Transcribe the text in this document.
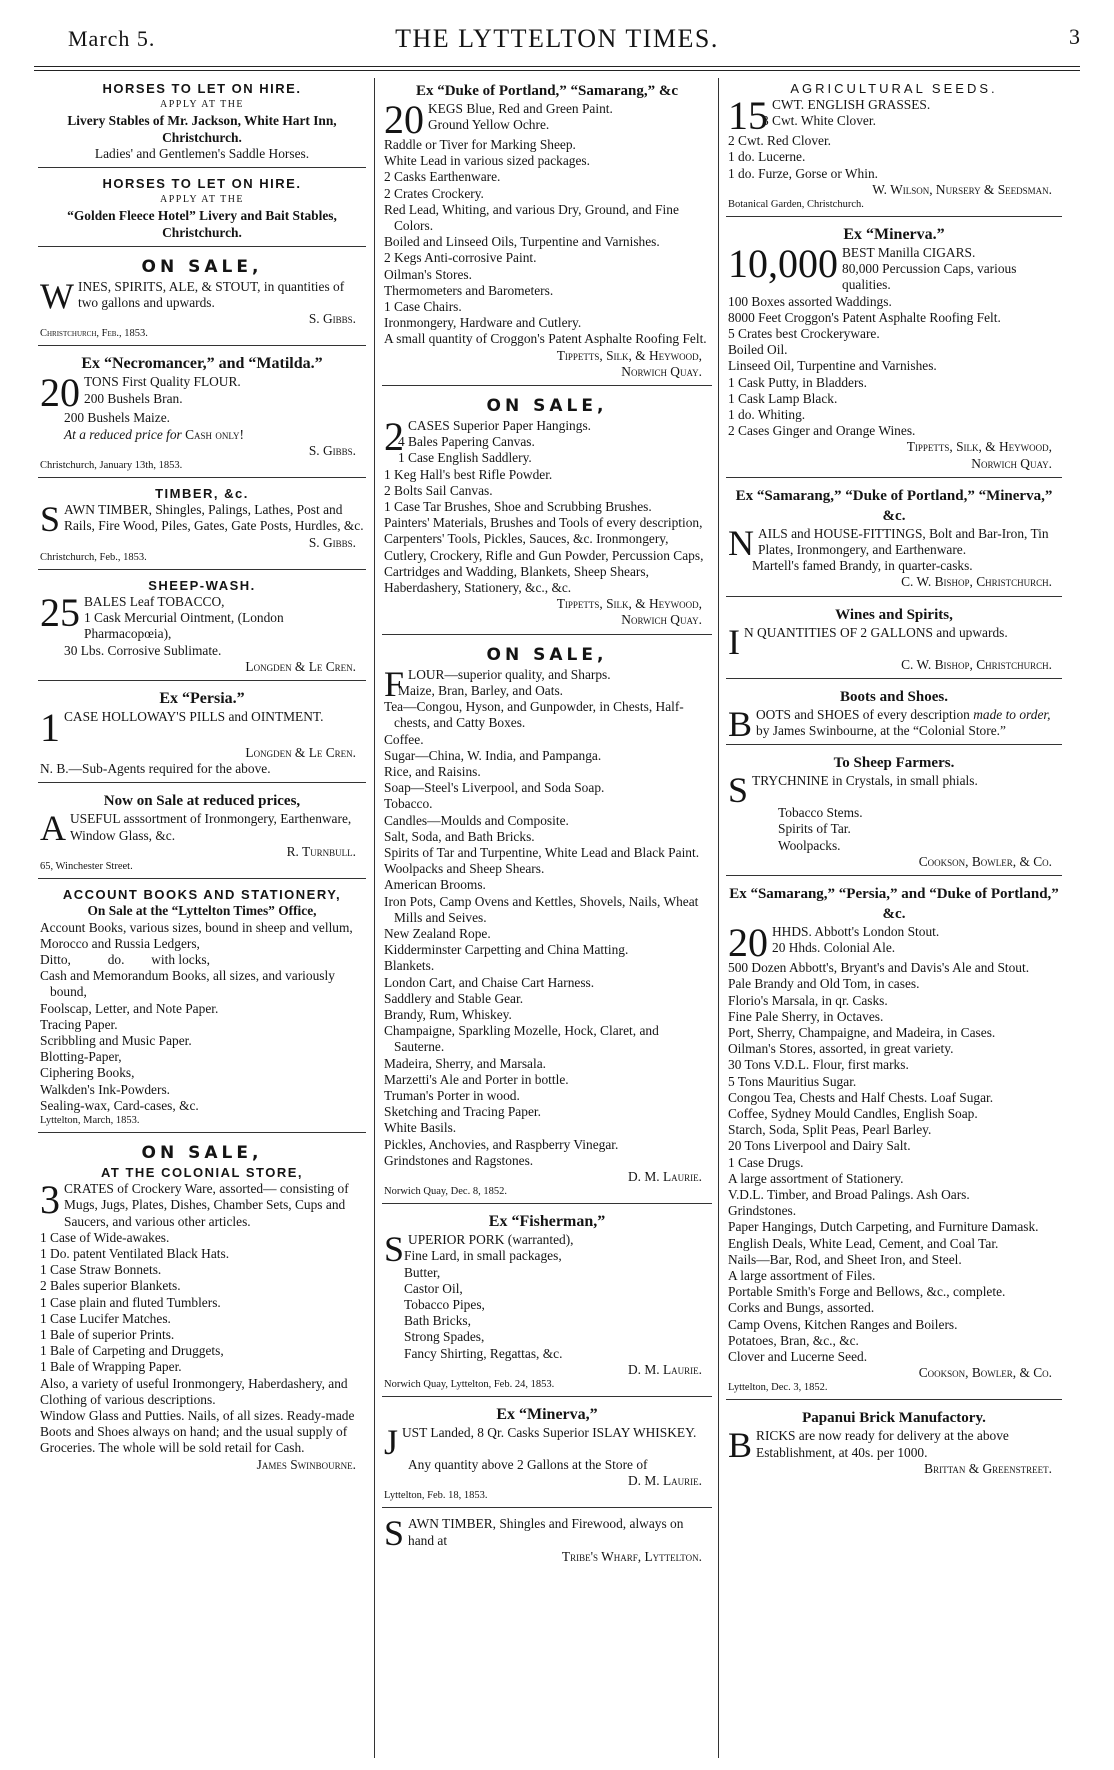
March 5.	THE LYTTELTON TIMES.	3
HORSES TO LET ON HIRE.
APPLY AT THE
Livery Stables of Mr. Jackson, White Hart Inn,
Christchurch.
Ladies' and Gentlemen's Saddle Horses.
HORSES TO LET ON HIRE.
APPLY AT THE
“Golden Fleece Hotel” Livery and Bait Stables,
Christchurch.
ON SALE,
W INES, SPIRITS, ALE, & STOUT, in quantities of two gallons and upwards.
S. Gibbs.
Christchurch, Feb., 1853.
Ex “Necromancer,” and “Matilda.”
20 TONS First Quality FLOUR.
200 Bushels Bran.
200 Bushels Maize.
At a reduced price for Cash only!
S. Gibbs.
Christchurch, January 13th, 1853.
TIMBER, &c.
S AWN TIMBER, Shingles, Palings, Lathes, Post and Rails, Fire Wood, Piles, Gates, Gate Posts, Hurdles, &c.
S. Gibbs.
Christchurch, Feb., 1853.
SHEEP-WASH.
25 BALES Leaf TOBACCO,
1 Cask Mercurial Ointment, (London Pharmacopœia),
30 Lbs. Corrosive Sublimate.
Longden & Le Cren.
Ex “Persia.”
1 CASE HOLLOWAY'S PILLS and OINTMENT.
Longden & Le Cren.
N. B.—Sub-Agents required for the above.
Now on Sale at reduced prices,
A USEFUL asssortment of Ironmongery, Earthenware, Window Glass, &c.
R. Turnbull.
65, Winchester Street.
ACCOUNT BOOKS AND STATIONERY,
On Sale at the “Lyttelton Times” Office,
Account Books, various sizes, bound in sheep and vellum,
Morocco and Russia Ledgers,
Ditto,           do.        with locks,
Cash and Memorandum Books, all sizes, and variously bound,
Foolscap, Letter, and Note Paper.
Tracing Paper.
Scribbling and Music Paper.
Blotting-Paper,
Ciphering Books,
Walkden's Ink-Powders.
Sealing-wax, Card-cases, &c.
Lyttelton, March, 1853.
ON SALE,
AT THE COLONIAL STORE,
3 CRATES of Crockery Ware, assorted— consisting of Mugs, Jugs, Plates, Dishes, Chamber Sets, Cups and Saucers, and various other articles.
1 Case of Wide-awakes.
1 Do. patent Ventilated Black Hats.
1 Case Straw Bonnets.
2 Bales superior Blankets.
1 Case plain and fluted Tumblers.
1 Case Lucifer Matches.
1 Bale of superior Prints.
1 Bale of Carpeting and Druggets,
1 Bale of Wrapping Paper.
Also, a variety of useful Ironmongery, Haberdashery, and Clothing of various descriptions.
Window Glass and Putties. Nails, of all sizes. Ready-made Boots and Shoes always on hand; and the usual supply of Groceries. The whole will be sold retail for Cash.
James Swinbourne.
Ex “Duke of Portland,” “Samarang,” &c
20 KEGS Blue, Red and Green Paint.
Ground Yellow Ochre.
Raddle or Tiver for Marking Sheep.
White Lead in various sized packages.
2 Casks Earthenware.
2 Crates Crockery.
Red Lead, Whiting, and various Dry, Ground, and Fine Colors.
Boiled and Linseed Oils, Turpentine and Varnishes.
2 Kegs Anti-corrosive Paint.
Oilman's Stores.
Thermometers and Barometers.
1 Case Chairs.
Ironmongery, Hardware and Cutlery.
A small quantity of Croggon's Patent Asphalte Roofing Felt.
Tippetts, Silk, & Heywood,
Norwich Quay.
ON SALE,
2 CASES Superior Paper Hangings.
4 Bales Papering Canvas.
1 Case English Saddlery.
1 Keg Hall's best Rifle Powder.
2 Bolts Sail Canvas.
1 Case Tar Brushes, Shoe and Scrubbing Brushes.
Painters' Materials, Brushes and Tools of every description, Carpenters' Tools, Pickles, Sauces, &c. Ironmongery, Cutlery, Crockery, Rifle and Gun Powder, Percussion Caps, Cartridges and Wadding, Blankets, Sheep Shears, Haberdashery, Stationery, &c., &c.
Tippetts, Silk, & Heywood,
Norwich Quay.
ON SALE,
F LOUR—superior quality, and Sharps.
Maize, Bran, Barley, and Oats.
Tea—Congou, Hyson, and Gunpowder, in Chests, Half-chests, and Catty Boxes.
Coffee.
Sugar—China, W. India, and Pampanga.
Rice, and Raisins.
Soap—Steel's Liverpool, and Soda Soap.
Tobacco.
Candles—Moulds and Composite.
Salt, Soda, and Bath Bricks.
Spirits of Tar and Turpentine, White Lead and Black Paint.
Woolpacks and Sheep Shears.
American Brooms.
Iron Pots, Camp Ovens and Kettles, Shovels, Nails, Wheat Mills and Seives.
New Zealand Rope.
Kidderminster Carpetting and China Matting.
Blankets.
London Cart, and Chaise Cart Harness.
Saddlery and Stable Gear.
Brandy, Rum, Whiskey.
Champaigne, Sparkling Mozelle, Hock, Claret, and Sauterne.
Madeira, Sherry, and Marsala.
Marzetti's Ale and Porter in bottle.
Truman's Porter in wood.
Sketching and Tracing Paper.
White Basils.
Pickles, Anchovies, and Raspberry Vinegar.
Grindstones and Ragstones.
D. M. Laurie.
Norwich Quay, Dec. 8, 1852.
Ex “Fisherman,”
S UPERIOR PORK (warranted),
Fine Lard, in small packages,
Butter,
Castor Oil,
Tobacco Pipes,
Bath Bricks,
Strong Spades,
Fancy Shirting, Regattas, &c.
D. M. Laurie.
Norwich Quay, Lyttelton, Feb. 24, 1853.
Ex “Minerva,”
J UST Landed, 8 Qr. Casks Superior ISLAY WHISKEY.
Any quantity above 2 Gallons at the Store of
D. M. Laurie.
Lyttelton, Feb. 18, 1853.
S AWN TIMBER, Shingles and Firewood, always on hand at
Tribe's Wharf, Lyttelton.
AGRICULTURAL SEEDS.
15 CWT. ENGLISH GRASSES.
3 Cwt. White Clover.
2 Cwt. Red Clover.
1 do. Lucerne.
1 do. Furze, Gorse or Whin.
W. Wilson, Nursery & Seedsman.
Botanical Garden, Christchurch.
Ex “Minerva.”
10,000 BEST Manilla CIGARS.
80,000 Percussion Caps, various qualities.
100 Boxes assorted Waddings.
8000 Feet Croggon's Patent Asphalte Roofing Felt.
5 Crates best Crockeryware.
Boiled Oil.
Linseed Oil, Turpentine and Varnishes.
1 Cask Putty, in Bladders.
1 Cask Lamp Black.
1 do. Whiting.
2 Cases Ginger and Orange Wines.
Tippetts, Silk, & Heywood,
Norwich Quay.
Ex “Samarang,” “Duke of Portland,” “Minerva,” &c.
N AILS and HOUSE-FITTINGS, Bolt and Bar-Iron, Tin Plates, Ironmongery, and Earthenware.
Martell's famed Brandy, in quarter-casks.
C. W. Bishop, Christchurch.
Wines and Spirits,
I N QUANTITIES OF 2 GALLONS and upwards.
C. W. Bishop, Christchurch.
Boots and Shoes.
B OOTS and SHOES of every description made to order, by James Swinbourne, at the “Colonial Store.”
To Sheep Farmers.
S TRYCHNINE in Crystals, in small phials.
Tobacco Stems.
Spirits of Tar.
Woolpacks.
Cookson, Bowler, & Co.
Ex “Samarang,” “Persia,” and “Duke of Portland,” &c.
20 HHDS. Abbott's London Stout.
20 Hhds. Colonial Ale.
500 Dozen Abbott's, Bryant's and Davis's Ale and Stout.
Pale Brandy and Old Tom, in cases.
Florio's Marsala, in qr. Casks.
Fine Pale Sherry, in Octaves.
Port, Sherry, Champaigne, and Madeira, in Cases.
Oilman's Stores, assorted, in great variety.
30 Tons V.D.L. Flour, first marks.
5 Tons Mauritius Sugar.
Congou Tea, Chests and Half Chests. Loaf Sugar.
Coffee, Sydney Mould Candles, English Soap.
Starch, Soda, Split Peas, Pearl Barley.
20 Tons Liverpool and Dairy Salt.
1 Case Drugs.
A large assortment of Stationery.
V.D.L. Timber, and Broad Palings. Ash Oars.
Grindstones.
Paper Hangings, Dutch Carpeting, and Furniture Damask.
English Deals, White Lead, Cement, and Coal Tar.
Nails—Bar, Rod, and Sheet Iron, and Steel.
A large assortment of Files.
Portable Smith's Forge and Bellows, &c., complete.
Corks and Bungs, assorted.
Camp Ovens, Kitchen Ranges and Boilers.
Potatoes, Bran, &c., &c.
Clover and Lucerne Seed.
Cookson, Bowler, & Co.
Lyttelton, Dec. 3, 1852.
Papanui Brick Manufactory.
B RICKS are now ready for delivery at the above Establishment, at 40s. per 1000.
Brittan & Greenstreet.
